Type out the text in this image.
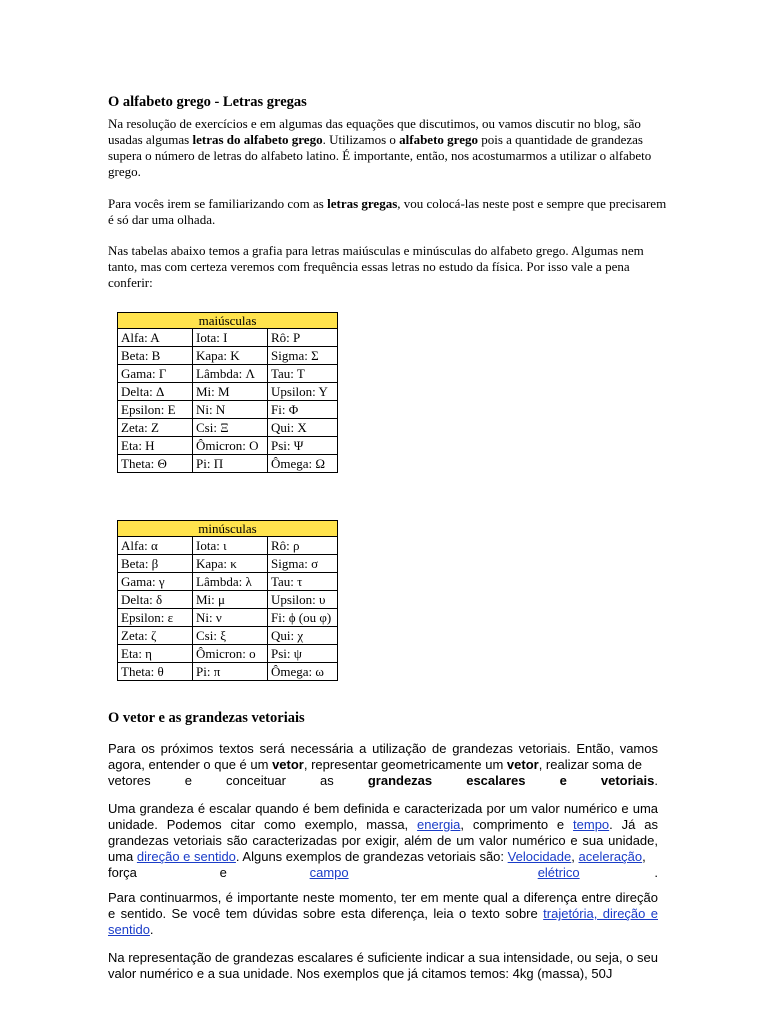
O alfabeto grego - Letras gregas

Na resolução de exercícios e em algumas das equações que discutimos, ou vamos discutir no blog, são usadas algumas letras do alfabeto grego. Utilizamos o alfabeto grego pois a quantidade de grandezas supera o número de letras do alfabeto latino. É importante, então, nos acostumarmos a utilizar o alfabeto grego.

Para vocês irem se familiarizando com as letras gregas, vou colocá-las neste post e sempre que precisarem é só dar uma olhada.

Nas tabelas abaixo temos a grafia para letras maiúsculas e minúsculas do alfabeto grego. Algumas nem tanto, mas com certeza veremos com frequência essas letras no estudo da física. Por isso vale a pena conferir:

maiúsculas		
Alfa: A	Iota: I	Rô: P
Beta: B	Kapa: K	Sigma: Σ
Gama: Γ	Lâmbda: Λ	Tau: T
Delta: Δ	Mi: M	Upsilon: Y
Epsilon: E	Ni: N	Fi: Φ
Zeta: Z	Csi: Ξ	Qui: X
Eta: H	Ômicron: O	Psi: Ψ
Theta: Θ	Pi: Π	Ômega: Ω
minúsculas		
Alfa: α	Iota: ι	Rô: ρ
Beta: β	Kapa: κ	Sigma: σ
Gama: γ	Lâmbda: λ	Tau: τ
Delta: δ	Mi: μ	Upsilon: υ
Epsilon: ε	Ni: ν	Fi: ϕ (ou φ)
Zeta: ζ	Csi: ξ	Qui: χ
Eta: η	Ômicron: ο	Psi: ψ
Theta: θ	Pi: π	Ômega: ω
O vetor e as grandezas vetoriais
Para os próximos textos será necessária a utilização de grandezas vetoriais. Então, vamos agora, entender o que é um vetor, representar geometricamente um vetor, realizar soma de
vetores	e	conceituar	as	grandezas	escalares	e	vetoriais.
Uma grandeza é escalar quando é bem definida e caracterizada por um valor numérico e uma unidade. Podemos citar como exemplo, massa, energia, comprimento e tempo. Já as grandezas vetoriais são caracterizadas por exigir, além de um valor numérico e sua unidade, uma direção e sentido. Alguns exemplos de grandezas vetoriais são: Velocidade, aceleração,
força	e	campo	elétrico	.
Para continuarmos, é importante neste momento, ter em mente qual a diferença entre direção e sentido. Se você tem dúvidas sobre esta diferença, leia o texto sobre trajetória, direção e sentido.
Na representação de grandezas escalares é suficiente indicar a sua intensidade, ou seja, o seu valor numérico e a sua unidade. Nos exemplos que já citamos temos: 4kg (massa), 50J
